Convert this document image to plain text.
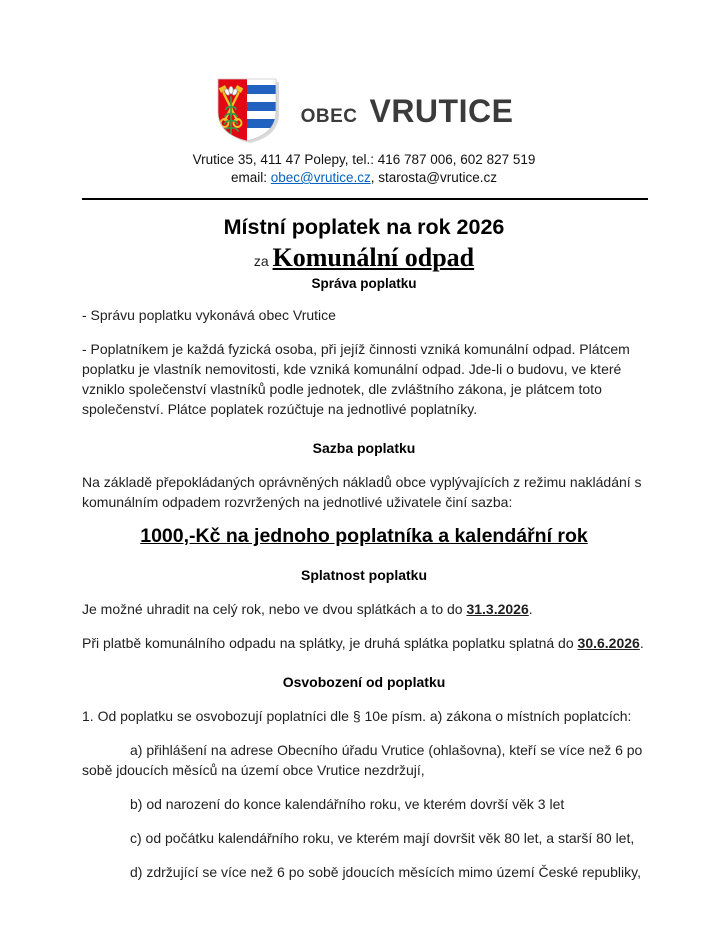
OBEC VRUTICE
Vrutice 35, 411 47 Polepy, tel.: 416 787 006, 602 827 519
email: obec@vrutice.cz, starosta@vrutice.cz
Místní poplatek na rok 2026
za Komunální odpad
Správa poplatku

- Správu poplatku vykonává obec Vrutice

- Poplatníkem je každá fyzická osoba, při jejíž činnosti vzniká komunální odpad. Plátcem poplatku je vlastník nemovitosti, kde vzniká komunální odpad. Jde-li o budovu, ve které vzniklo společenství vlastníků podle jednotek, dle zvláštního zákona, je plátcem toto společenství. Plátce poplatek rozúčtuje na jednotlivé poplatníky.

Sazba poplatku

Na základě přepokládaných oprávněných nákladů obce vyplývajících z režimu nakládání s komunálním odpadem rozvržených na jednotlivé uživatele činí sazba:

1000,-Kč na jednoho poplatníka a kalendářní rok

Splatnost poplatku

Je možné uhradit na celý rok, nebo ve dvou splátkách a to do 31.3.2026.

Při platbě komunálního odpadu na splátky, je druhá splátka poplatku splatná do 30.6.2026.

Osvobození od poplatku

1. Od poplatku se osvobozují poplatníci dle § 10e písm. a) zákona o místních poplatcích:

a) přihlášení na adrese Obecního úřadu Vrutice (ohlašovna), kteří se více než 6 po sobě jdoucích měsíců na území obce Vrutice nezdržují,

b) od narození do konce kalendářního roku, ve kterém dovrší věk 3 let

c) od počátku kalendářního roku, ve kterém mají dovršit věk 80 let, a starší 80 let,

d) zdržující se více než 6 po sobě jdoucích měsících mimo území České republiky,
